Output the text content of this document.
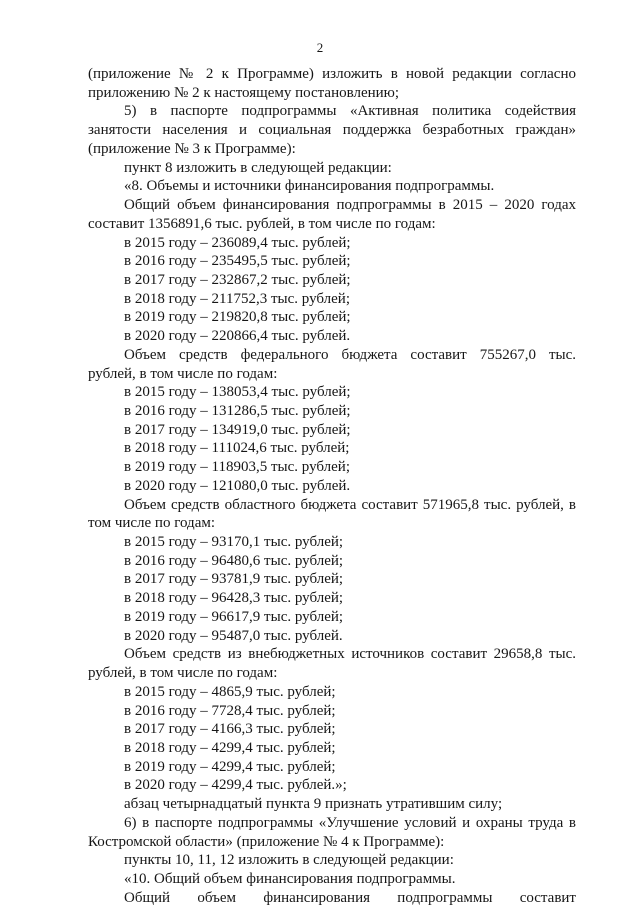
2
(приложение № 2 к Программе) изложить в новой редакции согласно
приложению № 2 к настоящему постановлению;
5) в паспорте подпрограммы «Активная политика содействия
занятости населения и социальная поддержка безработных граждан»
(приложение № 3 к Программе):
пункт 8 изложить в следующей редакции:
«8. Объемы и источники финансирования подпрограммы.
Общий объем финансирования подпрограммы в 2015 – 2020 годах
составит 1356891,6 тыс. рублей, в том числе по годам:
в 2015 году – 236089,4 тыс. рублей;
в 2016 году – 235495,5 тыс. рублей;
в 2017 году – 232867,2 тыс. рублей;
в 2018 году – 211752,3 тыс. рублей;
в 2019 году – 219820,8 тыс. рублей;
в 2020 году – 220866,4 тыс. рублей.
Объем средств федерального бюджета составит 755267,0 тыс.
рублей, в том числе по годам:
в 2015 году – 138053,4 тыс. рублей;
в 2016 году – 131286,5 тыс. рублей;
в 2017 году – 134919,0 тыс. рублей;
в 2018 году – 111024,6 тыс. рублей;
в 2019 году – 118903,5 тыс. рублей;
в 2020 году – 121080,0 тыс. рублей.
Объем средств областного бюджета составит 571965,8 тыс. рублей, в
том числе по годам:
в 2015 году – 93170,1 тыс. рублей;
в 2016 году – 96480,6 тыс. рублей;
в 2017 году – 93781,9 тыс. рублей;
в 2018 году – 96428,3 тыс. рублей;
в 2019 году – 96617,9 тыс. рублей;
в 2020 году – 95487,0 тыс. рублей.
Объем средств из внебюджетных источников составит 29658,8 тыс.
рублей, в том числе по годам:
в 2015 году – 4865,9 тыс. рублей;
в 2016 году – 7728,4 тыс. рублей;
в 2017 году – 4166,3 тыс. рублей;
в 2018 году – 4299,4 тыс. рублей;
в 2019 году – 4299,4 тыс. рублей;
в 2020 году – 4299,4 тыс. рублей.»;
абзац четырнадцатый пункта 9 признать утратившим силу;
6) в паспорте подпрограммы «Улучшение условий и охраны труда в
Костромской области» (приложение № 4 к Программе):
пункты 10, 11, 12 изложить в следующей редакции:
«10. Общий объем финансирования подпрограммы.
Общий объем финансирования подпрограммы составит
